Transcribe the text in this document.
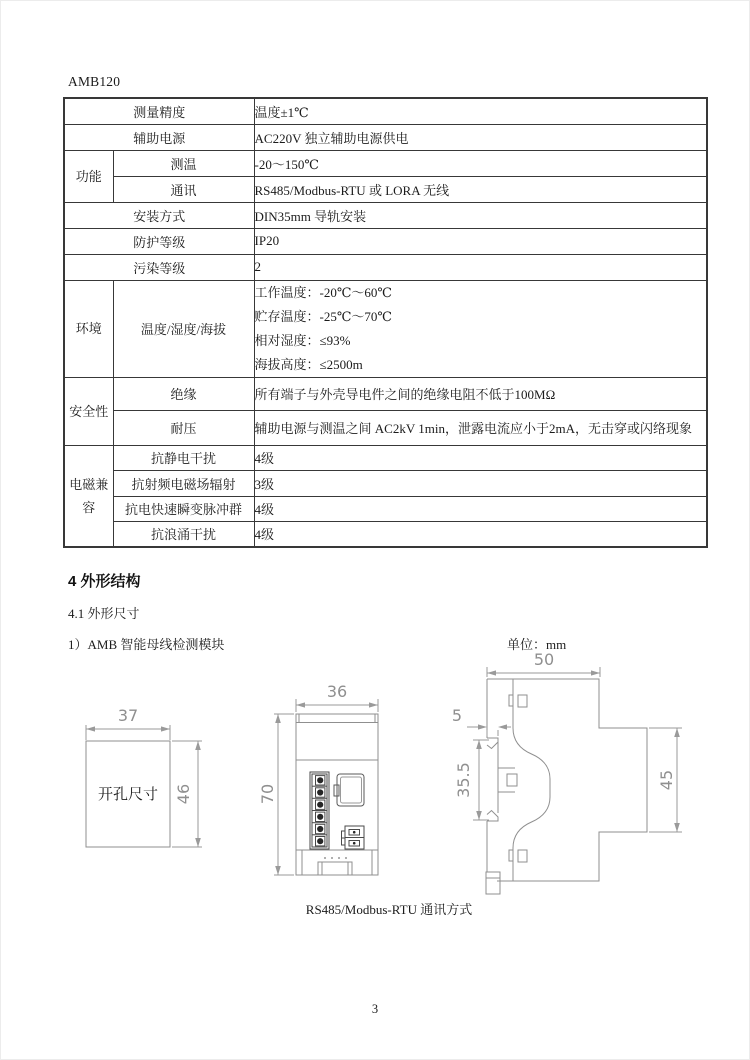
AMB120
测量精度		温度±1℃
辅助电源		AC220V 独立辅助电源供电
功能	测温	-20～150℃
	通讯	RS485/Modbus-RTU 或 LORA 无线
安装方式		DIN35mm 导轨安装
防护等级		IP20
污染等级		2
环境	温度/湿度/海拔	工作温度：-20℃～60℃
贮存温度：-25℃～70℃
相对湿度：≤93%
海拔高度：≤2500m

安全性	绝缘	所有端子与外壳导电件之间的绝缘电阻不低于100MΩ
	耐压	辅助电源与测温之间 AC2kV 1min，泄露电流应小于2mA，无击穿或闪络现象
电磁兼容	抗静电干扰	4级
	抗射频电磁场辐射	3级
	抗电快速瞬变脉冲群	4级
	抗浪涌干扰	4级
4 外形结构
4.1 外形尺寸
1）AMB 智能母线检测模块	单位：mm
37
开孔尺寸 46
36
70
50
5
35.5	45
RS485/Modbus-RTU 通讯方式
3
